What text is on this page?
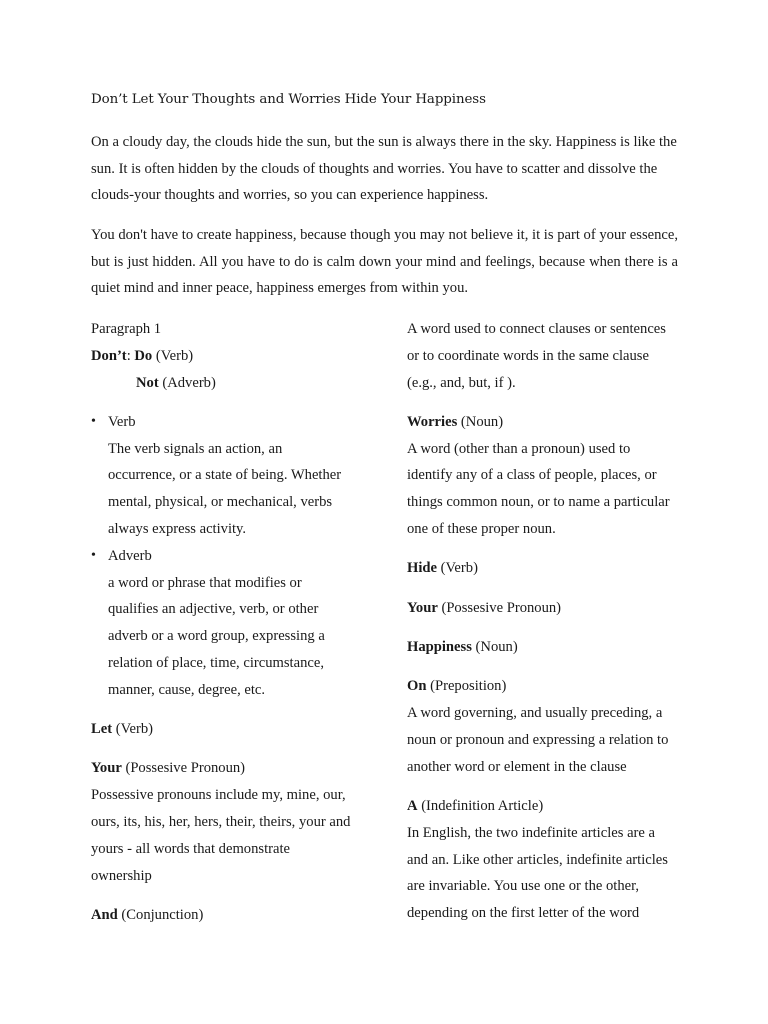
Don’t Let Your Thoughts and Worries Hide Your Happiness

On a cloudy day, the clouds hide the sun, but the sun is always there in the sky. Happiness is like the sun. It is often hidden by the clouds of thoughts and worries. You have to scatter and dissolve the clouds-your thoughts and worries, so you can experience happiness.

You don't have to create happiness, because though you may not believe it, it is part of your essence, but is just hidden. All you have to do is calm down your mind and feelings, because when there is a quiet mind and inner peace, happiness emerges from within you.

Paragraph 1
Don’t: Do (Verb)
Not (Adverb)
• Verb
The verb signals an action, an
occurrence, or a state of being. Whether
mental, physical, or mechanical, verbs
always express activity.
• Adverb
a word or phrase that modifies or
qualifies an adjective, verb, or other
adverb or a word group, expressing a
relation of place, time, circumstance,
manner, cause, degree, etc.
Let (Verb)
Your (Possesive Pronoun)
Possessive pronouns include my, mine, our,
ours, its, his, her, hers, their, theirs, your and
yours - all words that demonstrate
ownership
And (Conjunction)
A word used to connect clauses or sentences
or to coordinate words in the same clause
(e.g., and, but, if ).
Worries (Noun)
A word (other than a pronoun) used to
identify any of a class of people, places, or
things common noun, or to name a particular
one of these proper noun.
Hide (Verb)
Your (Possesive Pronoun)
Happiness (Noun)
On (Preposition)
A word governing, and usually preceding, a
noun or pronoun and expressing a relation to
another word or element in the clause
A (Indefinition Article)
In English, the two indefinite articles are a
and an. Like other articles, indefinite articles
are invariable. You use one or the other,
depending on the first letter of the word
